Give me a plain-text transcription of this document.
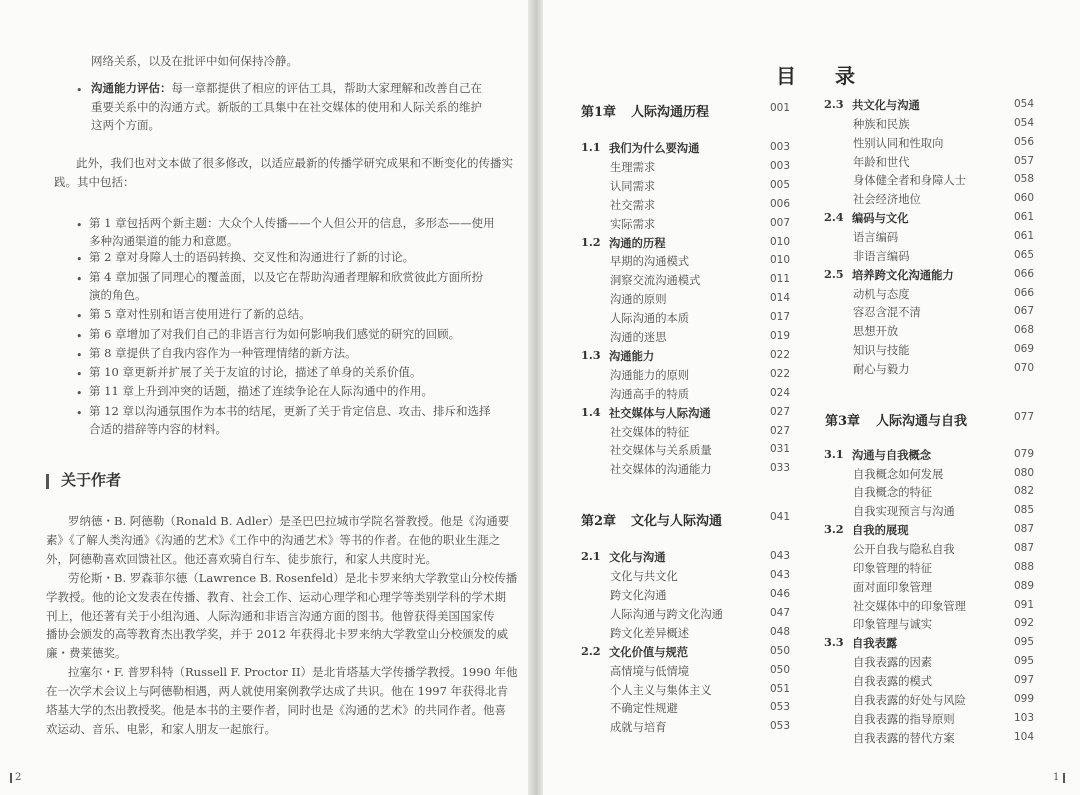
网络关系，以及在批评中如何保持冷静。
• 沟通能力评估：每一章都提供了相应的评估工具，帮助大家理解和改善自己在
重要关系中的沟通方式。新版的工具集中在社交媒体的使用和人际关系的维护
这两个方面。
此外，我们也对文本做了很多修改，以适应最新的传播学研究成果和不断变化的传播实
践。其中包括：
• 第 1 章包括两个新主题：大众个人传播——个人但公开的信息，多形态——使用
多种沟通渠道的能力和意愿。
• 第 2 章对身障人士的语码转换、交叉性和沟通进行了新的讨论。
• 第 4 章加强了同理心的覆盖面，以及它在帮助沟通者理解和欣赏彼此方面所扮
演的角色。
• 第 5 章对性别和语言使用进行了新的总结。
• 第 6 章增加了对我们自己的非语言行为如何影响我们感觉的研究的回顾。
• 第 8 章提供了自我内容作为一种管理情绪的新方法。
• 第 10 章更新并扩展了关于友谊的讨论，描述了单身的关系价值。
• 第 11 章上升到冲突的话题，描述了连续争论在人际沟通中的作用。
• 第 12 章以沟通氛围作为本书的结尾，更新了关于肯定信息、攻击、排斥和选择
合适的措辞等内容的材料。
关于作者
罗纳德・B. 阿德勒（Ronald B. Adler）是圣巴巴拉城市学院名誉教授。他是《沟通要
素》《了解人类沟通》《沟通的艺术》《工作中的沟通艺术》等书的作者。在他的职业生涯之
外，阿德勒喜欢回馈社区。他还喜欢骑自行车、徒步旅行，和家人共度时光。
劳伦斯・B. 罗森菲尔德（Lawrence B. Rosenfeld）是北卡罗来纳大学教堂山分校传播
学教授。他的论文发表在传播、教育、社会工作、运动心理学和心理学等类别学科的学术期
刊上，他还著有关于小组沟通、人际沟通和非语言沟通方面的图书。他曾获得美国国家传
播协会颁发的高等教育杰出教学奖，并于 2012 年获得北卡罗来纳大学教堂山分校颁发的威
廉・费莱德奖。
拉塞尔・F. 普罗科特（Russell F. Proctor II）是北肯塔基大学传播学教授。1990 年他
在一次学术会议上与阿德勒相遇，两人就使用案例教学达成了共识。他在 1997 年获得北肯
塔基大学的杰出教授奖。他是本书的主要作者，同时也是《沟通的艺术》的共同作者。他喜
欢运动、音乐、电影，和家人朋友一起旅行。
2
目 录
第1章 人际沟通历程	001
1.1 我们为什么要沟通	003
生理需求	003
认同需求	005
社交需求	006
实际需求	007
1.2 沟通的历程	010
早期的沟通模式	010
洞察交流沟通模式	011
沟通的原则	014
人际沟通的本质	017
沟通的迷思	019
1.3 沟通能力	022
沟通能力的原则	022
沟通高手的特质	024
1.4 社交媒体与人际沟通	027
社交媒体的特征	027
社交媒体与关系质量	031
社交媒体的沟通能力	033
第2章 文化与人际沟通	041
2.1 文化与沟通	043
文化与共文化	043
跨文化沟通	046
人际沟通与跨文化沟通	047
跨文化差异概述	048
2.2 文化价值与规范	050
高情境与低情境	050
个人主义与集体主义	051
不确定性规避	053
成就与培育	053
2.3 共文化与沟通	054
种族和民族	054
性别认同和性取向	056
年龄和世代	057
身体健全者和身障人士	058
社会经济地位	060
2.4 编码与文化	061
语言编码	061
非语言编码	065
2.5 培养跨文化沟通能力	066
动机与态度	066
容忍含混不清	067
思想开放	068
知识与技能	069
耐心与毅力	070
第3章 人际沟通与自我	077
3.1 沟通与自我概念	079
自我概念如何发展	080
自我概念的特征	082
自我实现预言与沟通	085
3.2 自我的展现	087
公开自我与隐私自我	087
印象管理的特征	088
面对面印象管理	089
社交媒体中的印象管理	091
印象管理与诚实	092
3.3 自我表露	095
自我表露的因素	095
自我表露的模式	097
自我表露的好处与风险	099
自我表露的指导原则	103
自我表露的替代方案	104
1
